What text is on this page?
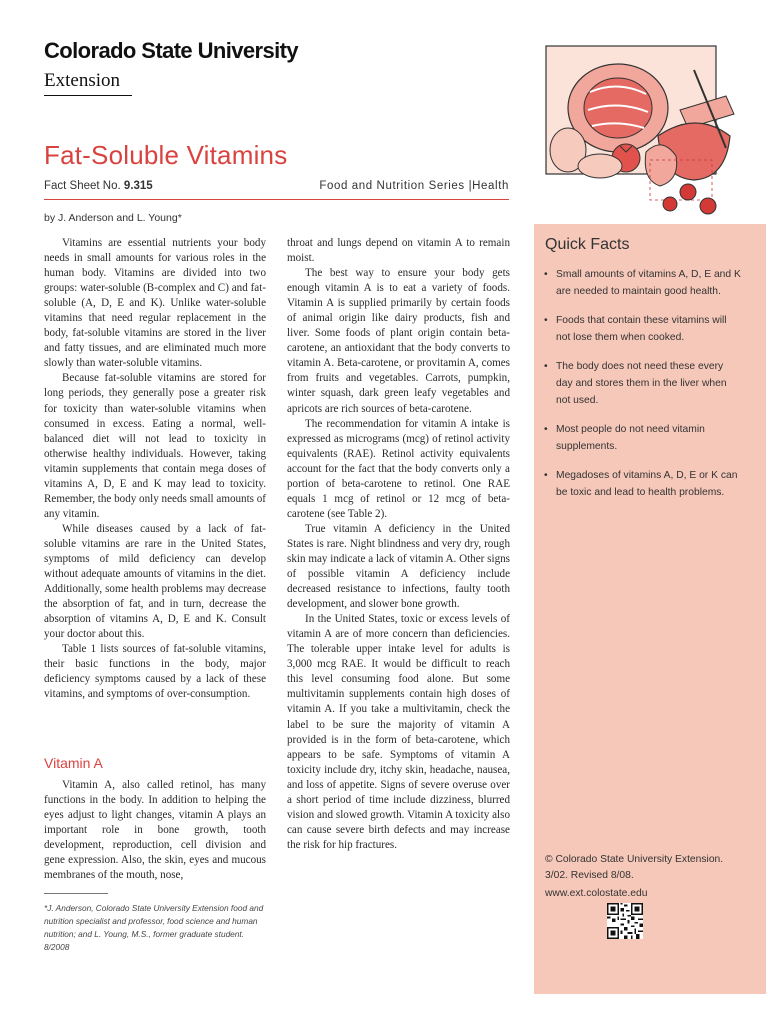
Colorado State University
Extension
Fat-Soluble Vitamins
Fact Sheet No. 9.315	Food and Nutrition Series |Health
by J. Anderson and L. Young*

Vitamins are essential nutrients your body needs in small amounts for various roles in the human body. Vitamins are divided into two groups: water-soluble (B-complex and C) and fat-soluble (A, D, E and K). Unlike water-soluble vitamins that need regular replacement in the body, fat-soluble vitamins are stored in the liver and fatty tissues, and are eliminated much more slowly than water-soluble vitamins.

Because fat-soluble vitamins are stored for long periods, they generally pose a greater risk for toxicity than water-soluble vitamins when consumed in excess. Eating a normal, well-balanced diet will not lead to toxicity in otherwise healthy individuals. However, taking vitamin supplements that contain mega doses of vitamins A, D, E and K may lead to toxicity. Remember, the body only needs small amounts of any vitamin.

While diseases caused by a lack of fat-soluble vitamins are rare in the United States, symptoms of mild deficiency can develop without adequate amounts of vitamins in the diet. Additionally, some health problems may decrease the absorption of fat, and in turn, decrease the absorption of vitamins A, D, E and K. Consult your doctor about this.

Table 1 lists sources of fat-soluble vitamins, their basic functions in the body, major deficiency symptoms caused by a lack of these vitamins, and symptoms of over-consumption.

Vitamin A

Vitamin A, also called retinol, has many functions in the body. In addition to helping the eyes adjust to light changes, vitamin A plays an important role in bone growth, tooth development, reproduction, cell division and gene expression. Also, the skin, eyes and mucous membranes of the mouth, nose,

*J. Anderson, Colorado State University Extension food and nutrition specialist and professor, food science and human nutrition; and L. Young, M.S., former graduate student. 8/2008

throat and lungs depend on vitamin A to remain moist.

The best way to ensure your body gets enough vitamin A is to eat a variety of foods. Vitamin A is supplied primarily by certain foods of animal origin like dairy products, fish and liver. Some foods of plant origin contain beta-carotene, an antioxidant that the body converts to vitamin A. Beta-carotene, or provitamin A, comes from fruits and vegetables. Carrots, pumpkin, winter squash, dark green leafy vegetables and apricots are rich sources of beta-carotene.

The recommendation for vitamin A intake is expressed as micrograms (mcg) of retinol activity equivalents (RAE). Retinol activity equivalents account for the fact that the body converts only a portion of beta-carotene to retinol. One RAE equals 1 mcg of retinol or 12 mcg of beta-carotene (see Table 2).

True vitamin A deficiency in the United States is rare. Night blindness and very dry, rough skin may indicate a lack of vitamin A. Other signs of possible vitamin A deficiency include decreased resistance to infections, faulty tooth development, and slower bone growth.

In the United States, toxic or excess levels of vitamin A are of more concern than deficiencies. The tolerable upper intake level for adults is 3,000 mcg RAE. It would be difficult to reach this level consuming food alone. But some multivitamin supplements contain high doses of vitamin A. If you take a multivitamin, check the label to be sure the majority of vitamin A provided is in the form of beta-carotene, which appears to be safe. Symptoms of vitamin A toxicity include dry, itchy skin, headache, nausea, and loss of appetite. Signs of severe overuse over a short period of time include dizziness, blurred vision and slowed growth. Vitamin A toxicity also can cause severe birth defects and may increase the risk for hip fractures.

Quick Facts
• Small amounts of vitamins A, D, E and K are needed to maintain good health.
• Foods that contain these vitamins will not lose them when cooked.
• The body does not need these every day and stores them in the liver when not used.
• Most people do not need vitamin supplements.
• Megadoses of vitamins A, D, E or K can be toxic and lead to health problems.
© Colorado State University Extension. 3/02. Revised 8/08.
www.ext.colostate.edu
